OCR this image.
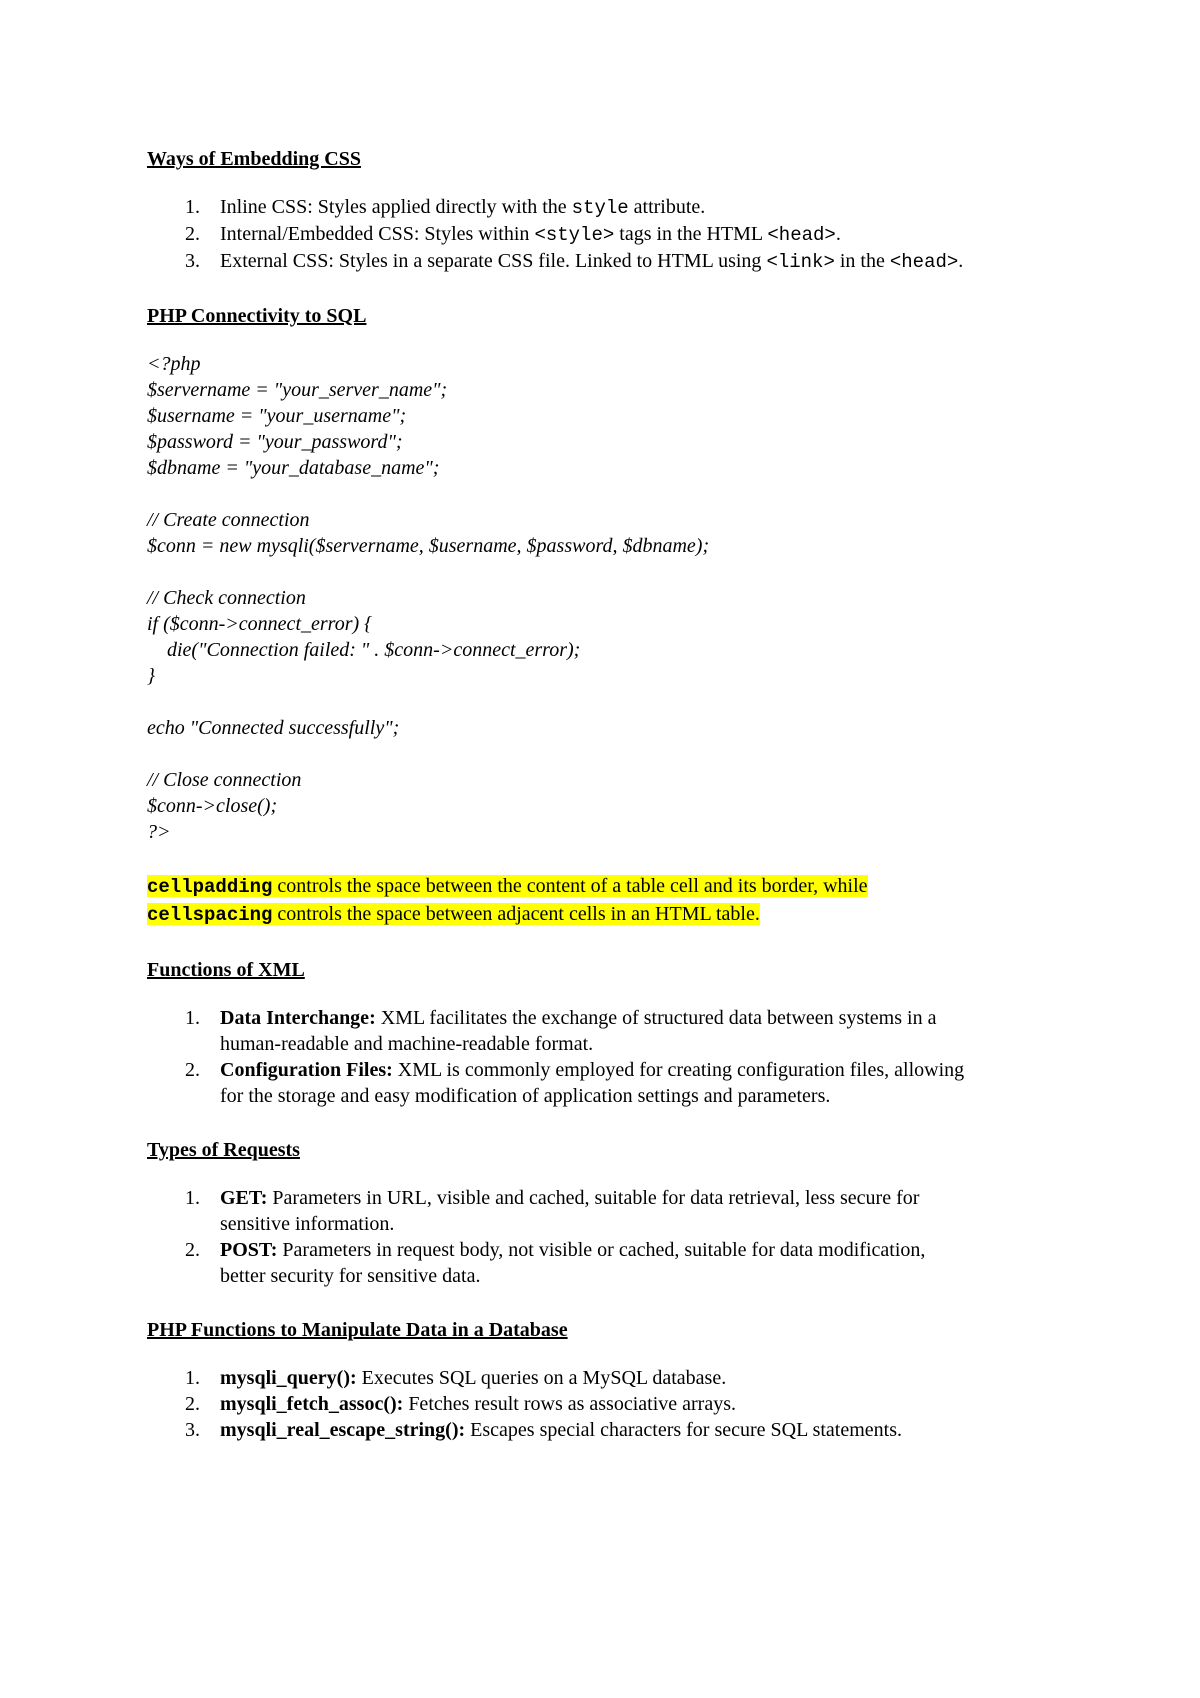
Ways of Embedding CSS
1. Inline CSS: Styles applied directly with the style attribute.
2. Internal/Embedded CSS: Styles within <style> tags in the HTML <head>.
3. External CSS: Styles in a separate CSS file. Linked to HTML using <link> in the <head>.
PHP Connectivity to SQL
<?php
$servername = "your_server_name";
$username = "your_username";
$password = "your_password";
$dbname = "your_database_name";
// Create connection
$conn = new mysqli($servername, $username, $password, $dbname);
// Check connection
if ($conn->connect_error) {
die("Connection failed: " . $conn->connect_error);
}
echo "Connected successfully";
// Close connection
$conn->close();
?>
cellpadding controls the space between the content of a table cell and its border, while
cellspacing controls the space between adjacent cells in an HTML table.
Functions of XML
1. Data Interchange: XML facilitates the exchange of structured data between systems in a
human-readable and machine-readable format.
2. Configuration Files: XML is commonly employed for creating configuration files, allowing
for the storage and easy modification of application settings and parameters.
Types of Requests
1. GET: Parameters in URL, visible and cached, suitable for data retrieval, less secure for
sensitive information.
2. POST: Parameters in request body, not visible or cached, suitable for data modification,
better security for sensitive data.
PHP Functions to Manipulate Data in a Database
1. mysqli_query(): Executes SQL queries on a MySQL database.
2. mysqli_fetch_assoc(): Fetches result rows as associative arrays.
3. mysqli_real_escape_string(): Escapes special characters for secure SQL statements.
